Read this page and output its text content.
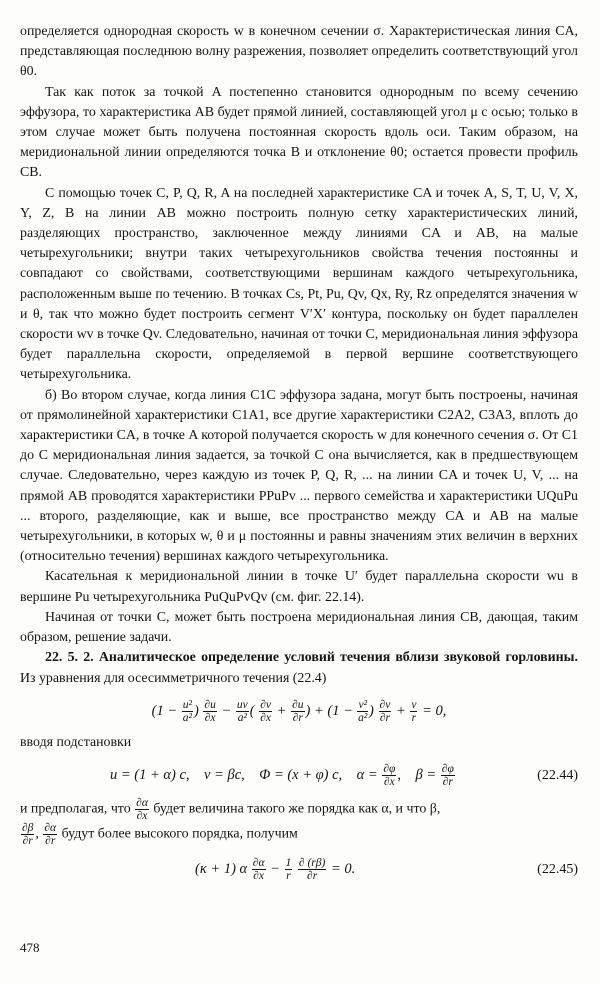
определяется однородная скорость w в конечном сечении σ. Характеристическая линия CA, представляющая последнюю волну разрежения, позволяет определить соответствующий угол θ0.

Так как поток за точкой A постепенно становится однородным по всему сечению эффузора, то характеристика AB будет прямой линией, составляющей угол μ с осью; только в этом случае может быть получена постоянная скорость вдоль оси. Таким образом, на меридиональной линии определяются точка B и отклонение θ0; остается провести профиль CB.

С помощью точек C, P, Q, R, A на последней характеристике CA и точек A, S, T, U, V, X, Y, Z, B на линии AB можно построить полную сетку характеристических линий, разделяющих пространство, заключенное между линиями CA и AB, на малые четырехугольники; внутри таких четырехугольников свойства течения постоянны и совпадают со свойствами, соответствующими вершинам каждого четырехугольника, расположенным выше по течению. В точках Cs, Pt, Pu, Qv, Qx, Ry, Rz определятся значения w и θ, так что можно будет построить сегмент V′X′ контура, поскольку он будет параллелен скорости wv в точке Qv. Следовательно, начиная от точки C, меридиональная линия эффузора будет параллельна скорости, определяемой в первой вершине соответствующего четырехугольника.

б) Во втором случае, когда линия C1C эффузора задана, могут быть построены, начиная от прямолинейной характеристики C1A1, все другие характеристики C2A2, C3A3, вплоть до характеристики CA, в точке A которой получается скорость w для конечного сечения σ. От C1 до C меридиональная линия задается, за точкой C она вычисляется, как в предшествующем случае. Следовательно, через каждую из точек P, Q, R, ... на линии CA и точек U, V, ... на прямой AB проводятся характеристики PPuPv ... первого семейства и характеристики UQuPu ... второго, разделяющие, как и выше, все пространство между CA и AB на малые четырехугольники, в которых w, θ и μ постоянны и равны значениям этих величин в верхних (относительно течения) вершинах каждого четырехугольника.

Касательная к меридиональной линии в точке U′ будет параллельна скорости wu в вершине Pu четырехугольника PuQuPvQv (см. фиг. 22.14).

Начиная от точки C, может быть построена меридиональная линия CB, дающая, таким образом, решение задачи.

22. 5. 2. Аналитическое определение условий течения вблизи звуковой горловины. Из уравнения для осесимметричного течения (22.4)

($1 - \frac{\text{u²}}{\text{a²}}$ ) $\frac{\partial u}{\partial x} - \frac{uv}{\text{a²}}$ ( $\frac{\partial v}{\partial x} + \frac{\partial u}{\partial r}$ ) + ($1 - \frac{\text{v²}}{\text{a²}}$ ) $\frac{\partial v}{\partial r} + \frac{v}{r} = 0$,

вводя подстановки

u = (1 + α) c,    v = βc,    Φ = (x + φ) c,    $\alpha = \frac{\partial\varphi}{\partial x}$ ,    $\beta = \frac{\partial\varphi}{\partial r}$	(22.44)

и предполагая, что $\frac{\partial\alpha}{\partial x}$ будет величина такого же порядка как α, и что β,

$\frac{\partial\beta}{\partial r}$ , $\frac{\partial\alpha}{\partial r}$ будут более высокого порядка, получим

(κ + 1) α $\frac{\partial\alpha}{\partial x} - \frac{1}{r}$
$\frac{\partial (r\beta)}{\partial r} = 0$.	(22.45)
478
